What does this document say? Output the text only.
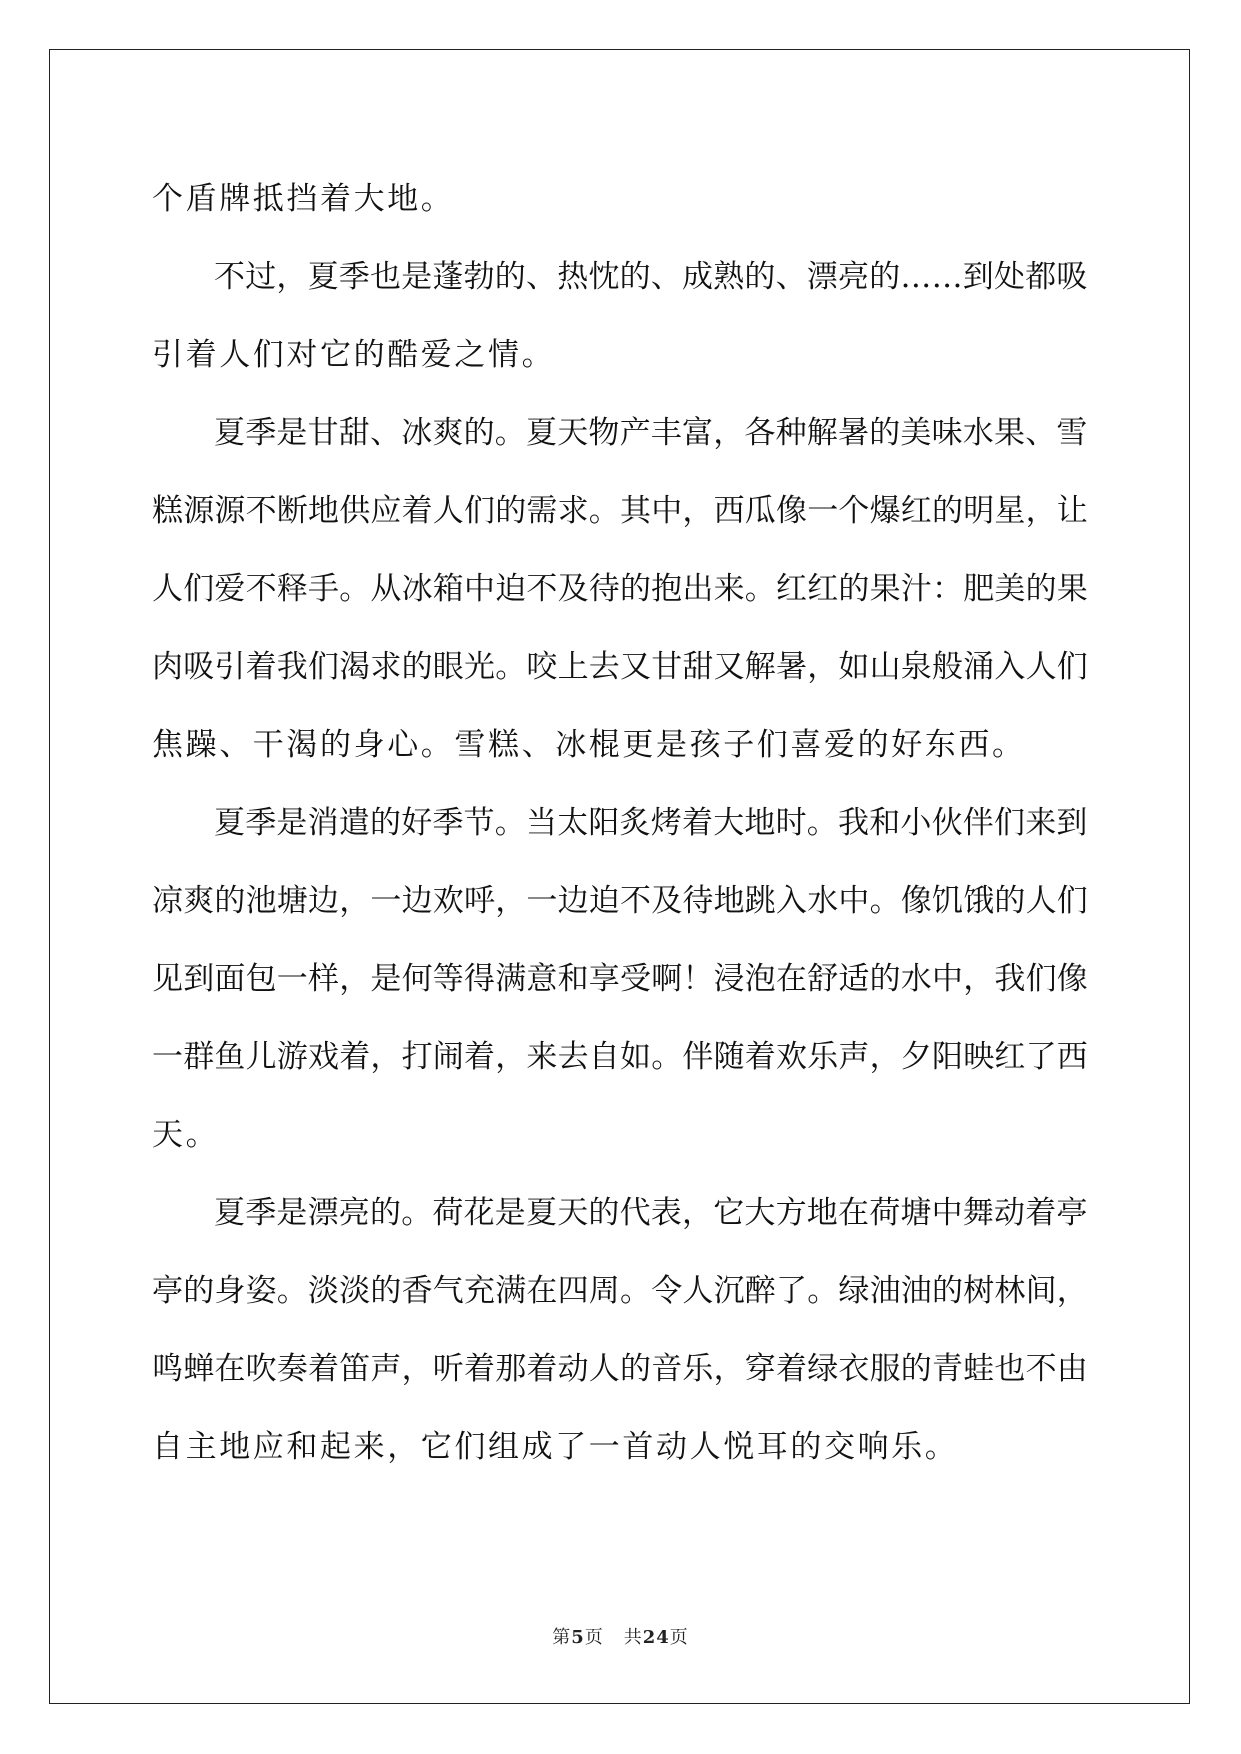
个盾牌抵挡着大地。
不过，夏季也是蓬勃的、热忱的、成熟的、漂亮的……到处都吸
引着人们对它的酷爱之情。
夏季是甘甜、冰爽的。夏天物产丰富，各种解暑的美味水果、雪
糕源源不断地供应着人们的需求。其中，西瓜像一个爆红的明星，让
人们爱不释手。从冰箱中迫不及待的抱出来。红红的果汁：肥美的果
肉吸引着我们渴求的眼光。咬上去又甘甜又解暑，如山泉般涌入人们
焦躁、干渴的身心。雪糕、冰棍更是孩子们喜爱的好东西。
夏季是消遣的好季节。当太阳炙烤着大地时。我和小伙伴们来到
凉爽的池塘边，一边欢呼，一边迫不及待地跳入水中。像饥饿的人们
见到面包一样，是何等得满意和享受啊！浸泡在舒适的水中，我们像
一群鱼儿游戏着，打闹着，来去自如。伴随着欢乐声，夕阳映红了西
天。
夏季是漂亮的。荷花是夏天的代表，它大方地在荷塘中舞动着亭
亭的身姿。淡淡的香气充满在四周。令人沉醉了。绿油油的树林间，
鸣蝉在吹奏着笛声，听着那着动人的音乐，穿着绿衣服的青蛙也不由
自主地应和起来，它们组成了一首动人悦耳的交响乐。
第5页 共24页
